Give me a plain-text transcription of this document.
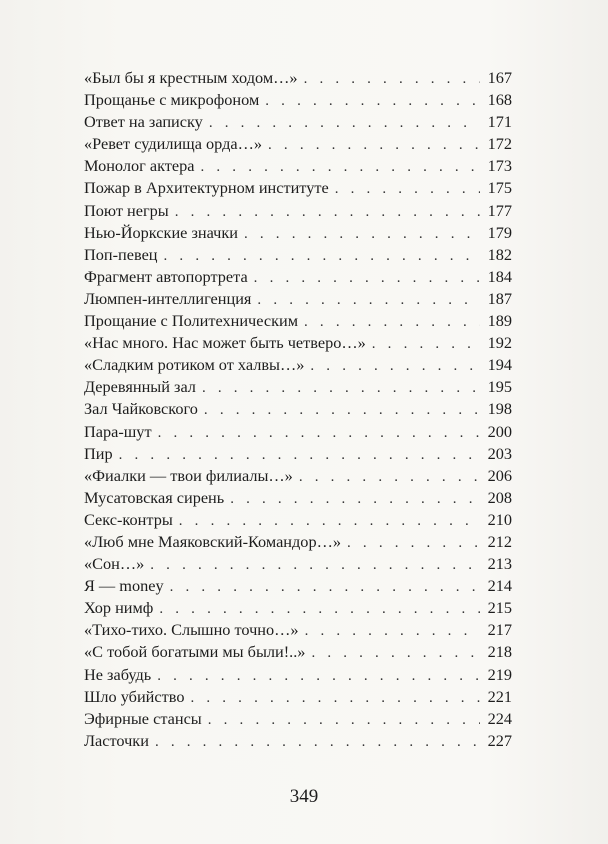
«Был бы я крестным ходом…» . . .	167
Прощанье с микрофоном . . .	168
Ответ на записку . . .	171
«Ревет судилища орда…» . . .	172
Монолог актера . . .	173
Пожар в Архитектурном институте . . .	175
Поют негры . . .	177
Нью-Йоркские значки . . .	179
Поп-певец . . .	182
Фрагмент автопортрета . . .	184
Люмпен-интеллигенция . . .	187
Прощание с Политехническим . . .	189
«Нас много. Нас может быть четверо…» . . .	192
«Сладким ротиком от халвы…» . . .	194
Деревянный зал . . .	195
Зал Чайковского . . .	198
Пара-шут . . .	200
Пир . . .	203
«Фиалки — твои филиалы…» . . .	206
Мусатовская сирень . . .	208
Секс-контры . . .	210
«Люб мне Маяковский-Командор…» . . .	212
«Сон…» . . .	213
Я — money . . .	214
Хор нимф . . .	215
«Тихо-тихо. Слышно точно…» . . .	217
«С тобой богатыми мы были!..» . . .	218
Не забудь . . .	219
Шло убийство . . .	221
Эфирные стансы . . .	224
Ласточки . . .	227
349
